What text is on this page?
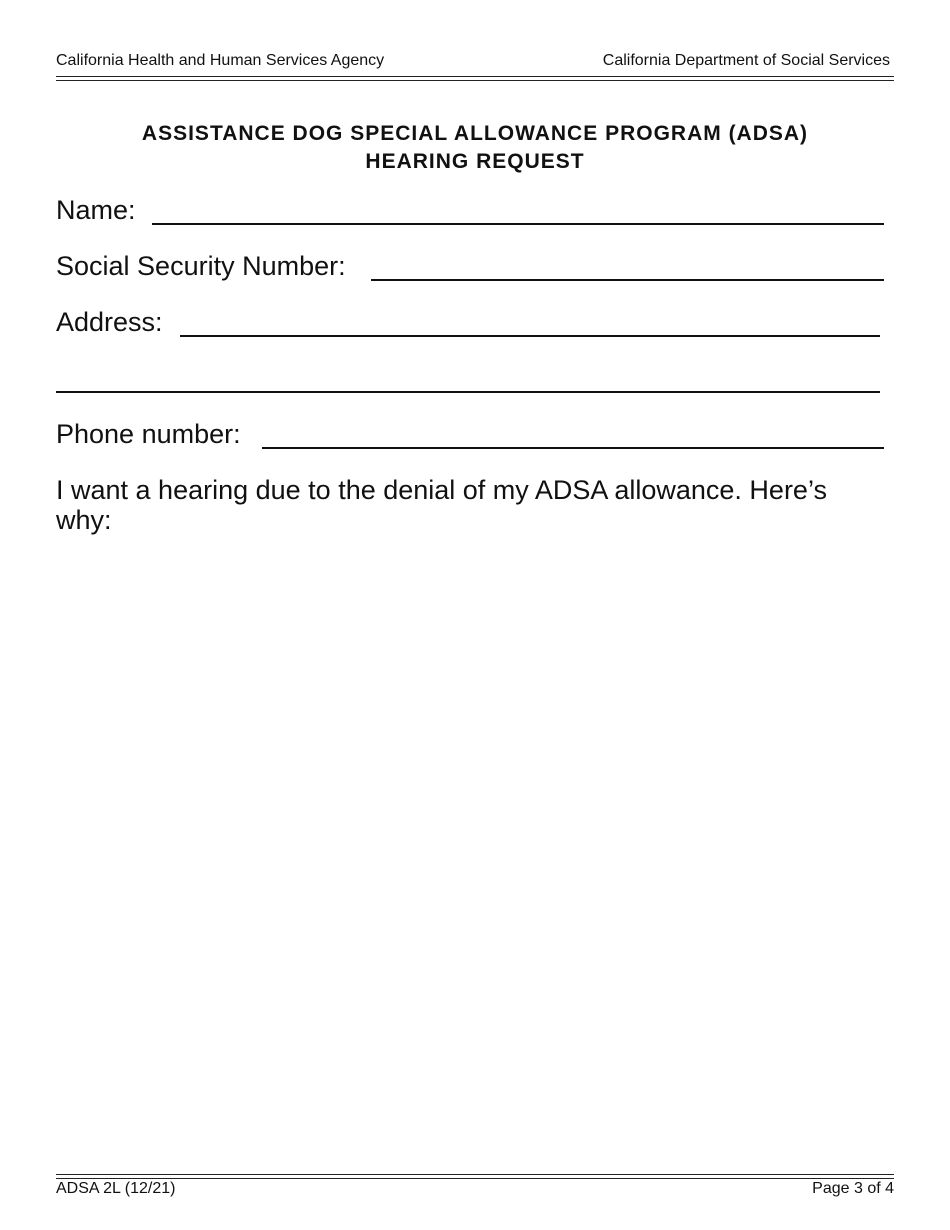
California Health and Human Services Agency	California Department of Social Services
ASSISTANCE DOG SPECIAL ALLOWANCE PROGRAM (ADSA)
HEARING REQUEST
Name:
Social Security Number:
Address:
Phone number:
I want a hearing due to the denial of my ADSA allowance. Here’s why:
ADSA 2L (12/21)	Page 3 of 4
